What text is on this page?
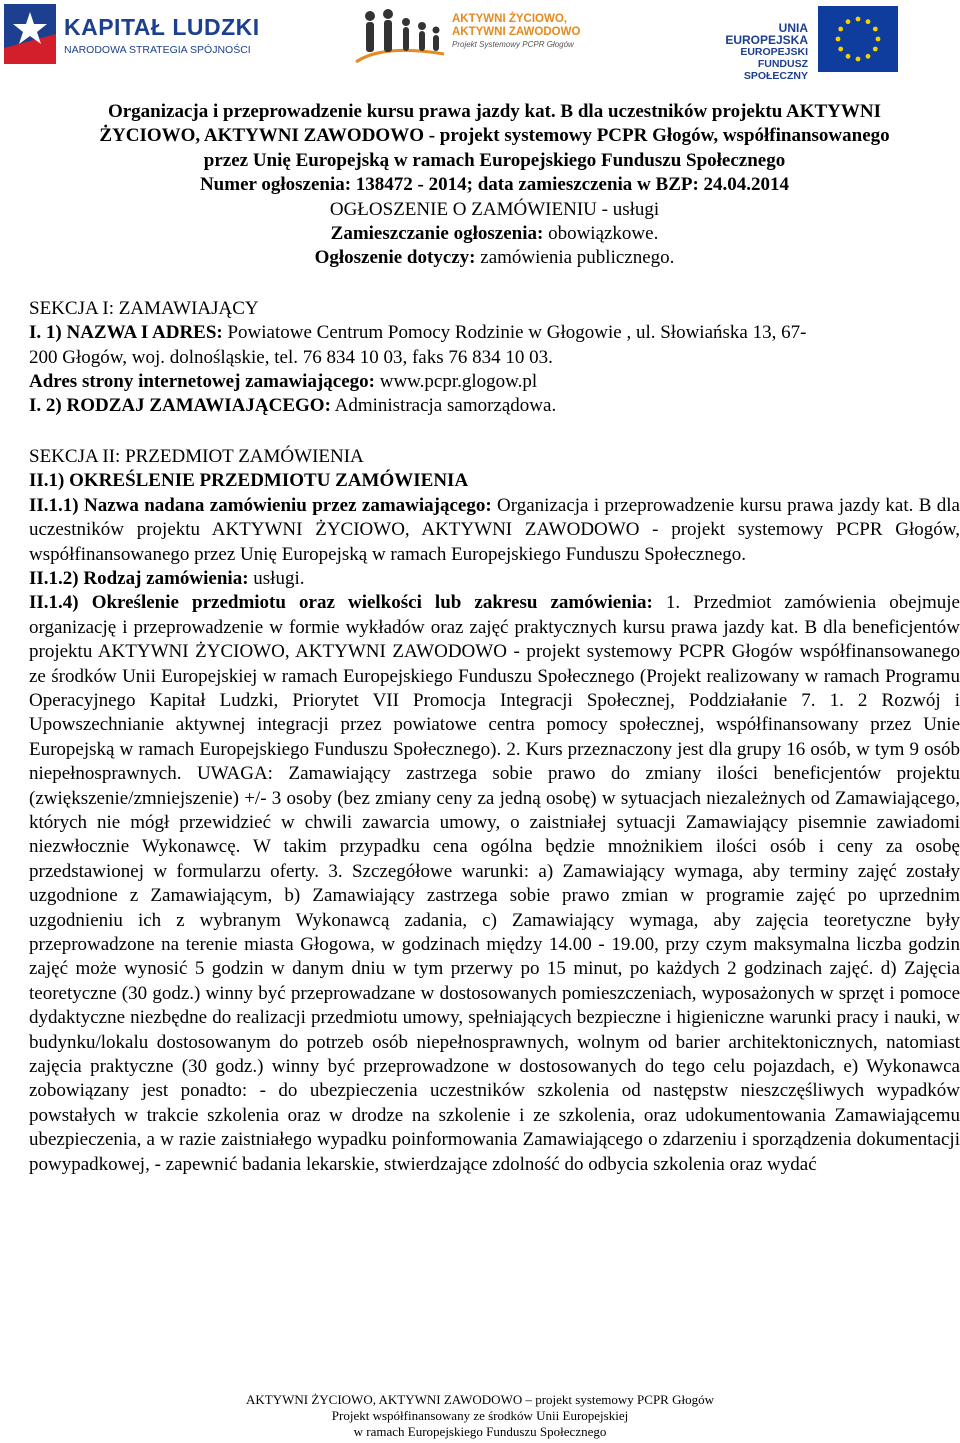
KAPITAŁ LUDZKI
NARODOWA STRATEGIA SPÓJNOŚCI
AKTYWNI ŻYCIOWO,
AKTYWNI ZAWODOWO
Projekt Systemowy PCPR Głogów
UNIA EUROPEJSKA
EUROPEJSKI
FUNDUSZ SPOŁECZNY

Organizacja i przeprowadzenie kursu prawa jazdy kat. B dla uczestników projektu AKTYWNI

ŻYCIOWO, AKTYWNI ZAWODOWO - projekt systemowy PCPR Głogów, współfinansowanego

przez Unię Europejską w ramach Europejskiego Funduszu Społecznego

Numer ogłoszenia: 138472 - 2014; data zamieszczenia w BZP: 24.04.2014

OGŁOSZENIE O ZAMÓWIENIU - usługi

Zamieszczanie ogłoszenia: obowiązkowe.

Ogłoszenie dotyczy: zamówienia publicznego.

SEKCJA I: ZAMAWIAJĄCY

I. 1) NAZWA I ADRES: Powiatowe Centrum Pomocy Rodzinie w Głogowie , ul. Słowiańska 13, 67-

200 Głogów, woj. dolnośląskie, tel. 76 834 10 03, faks 76 834 10 03.

Adres strony internetowej zamawiającego: www.pcpr.glogow.pl

I. 2) RODZAJ ZAMAWIAJĄCEGO: Administracja samorządowa.

SEKCJA II: PRZEDMIOT ZAMÓWIENIA

II.1) OKREŚLENIE PRZEDMIOTU ZAMÓWIENIA

II.1.1) Nazwa nadana zamówieniu przez zamawiającego: Organizacja i przeprowadzenie kursu prawa jazdy kat. B dla uczestników projektu AKTYWNI ŻYCIOWO, AKTYWNI ZAWODOWO - projekt systemowy PCPR Głogów, współfinansowanego przez Unię Europejską w ramach Europejskiego Funduszu Społecznego.

II.1.2) Rodzaj zamówienia: usługi.

II.1.4) Określenie przedmiotu oraz wielkości lub zakresu zamówienia: 1. Przedmiot zamówienia obejmuje organizację i przeprowadzenie w formie wykładów oraz zajęć praktycznych kursu prawa jazdy kat. B dla beneficjentów projektu AKTYWNI ŻYCIOWO, AKTYWNI ZAWODOWO - projekt systemowy PCPR Głogów współfinansowanego ze środków Unii Europejskiej w ramach Europejskiego Funduszu Społecznego (Projekt realizowany w ramach Programu Operacyjnego Kapitał Ludzki, Priorytet VII Promocja Integracji Społecznej, Poddziałanie 7. 1. 2 Rozwój i Upowszechnianie aktywnej integracji przez powiatowe centra pomocy społecznej, współfinansowany przez Unie Europejską w ramach Europejskiego Funduszu Społecznego). 2. Kurs przeznaczony jest dla grupy 16 osób, w tym 9 osób niepełnosprawnych. UWAGA: Zamawiający zastrzega sobie prawo do zmiany ilości beneficjentów projektu (zwiększenie/zmniejszenie) +/- 3 osoby (bez zmiany ceny za jedną osobę) w sytuacjach niezależnych od Zamawiającego, których nie mógł przewidzieć w chwili zawarcia umowy, o zaistniałej sytuacji Zamawiający pisemnie zawiadomi niezwłocznie Wykonawcę. W takim przypadku cena ogólna będzie mnożnikiem ilości osób i ceny za osobę przedstawionej w formularzu oferty. 3. Szczegółowe warunki: a) Zamawiający wymaga, aby terminy zajęć zostały uzgodnione z Zamawiającym, b) Zamawiający zastrzega sobie prawo zmian w programie zajęć po uprzednim uzgodnieniu ich z wybranym Wykonawcą zadania, c) Zamawiający wymaga, aby zajęcia teoretyczne były przeprowadzone na terenie miasta Głogowa, w godzinach między 14.00 - 19.00, przy czym maksymalna liczba godzin zajęć może wynosić 5 godzin w danym dniu w tym przerwy po 15 minut, po każdych 2 godzinach zajęć. d) Zajęcia teoretyczne (30 godz.) winny być przeprowadzane w dostosowanych pomieszczeniach, wyposażonych w sprzęt i pomoce dydaktyczne niezbędne do realizacji przedmiotu umowy, spełniających bezpieczne i higieniczne warunki pracy i nauki, w budynku/lokalu dostosowanym do potrzeb osób niepełnosprawnych, wolnym od barier architektonicznych, natomiast zajęcia praktyczne (30 godz.) winny być przeprowadzone w dostosowanych do tego celu pojazdach, e) Wykonawca zobowiązany jest ponadto: - do ubezpieczenia uczestników szkolenia od następstw nieszczęśliwych wypadków powstałych w trakcie szkolenia oraz w drodze na szkolenie i ze szkolenia, oraz udokumentowania Zamawiającemu ubezpieczenia, a w razie zaistniałego wypadku poinformowania Zamawiającego o zdarzeniu i sporządzenia dokumentacji powypadkowej, - zapewnić badania lekarskie, stwierdzające zdolność do odbycia szkolenia oraz wydać

AKTYWNI ŻYCIOWO, AKTYWNI ZAWODOWO – projekt systemowy PCPR Głogów
Projekt współfinansowany ze środków Unii Europejskiej
w ramach Europejskiego Funduszu Społecznego
